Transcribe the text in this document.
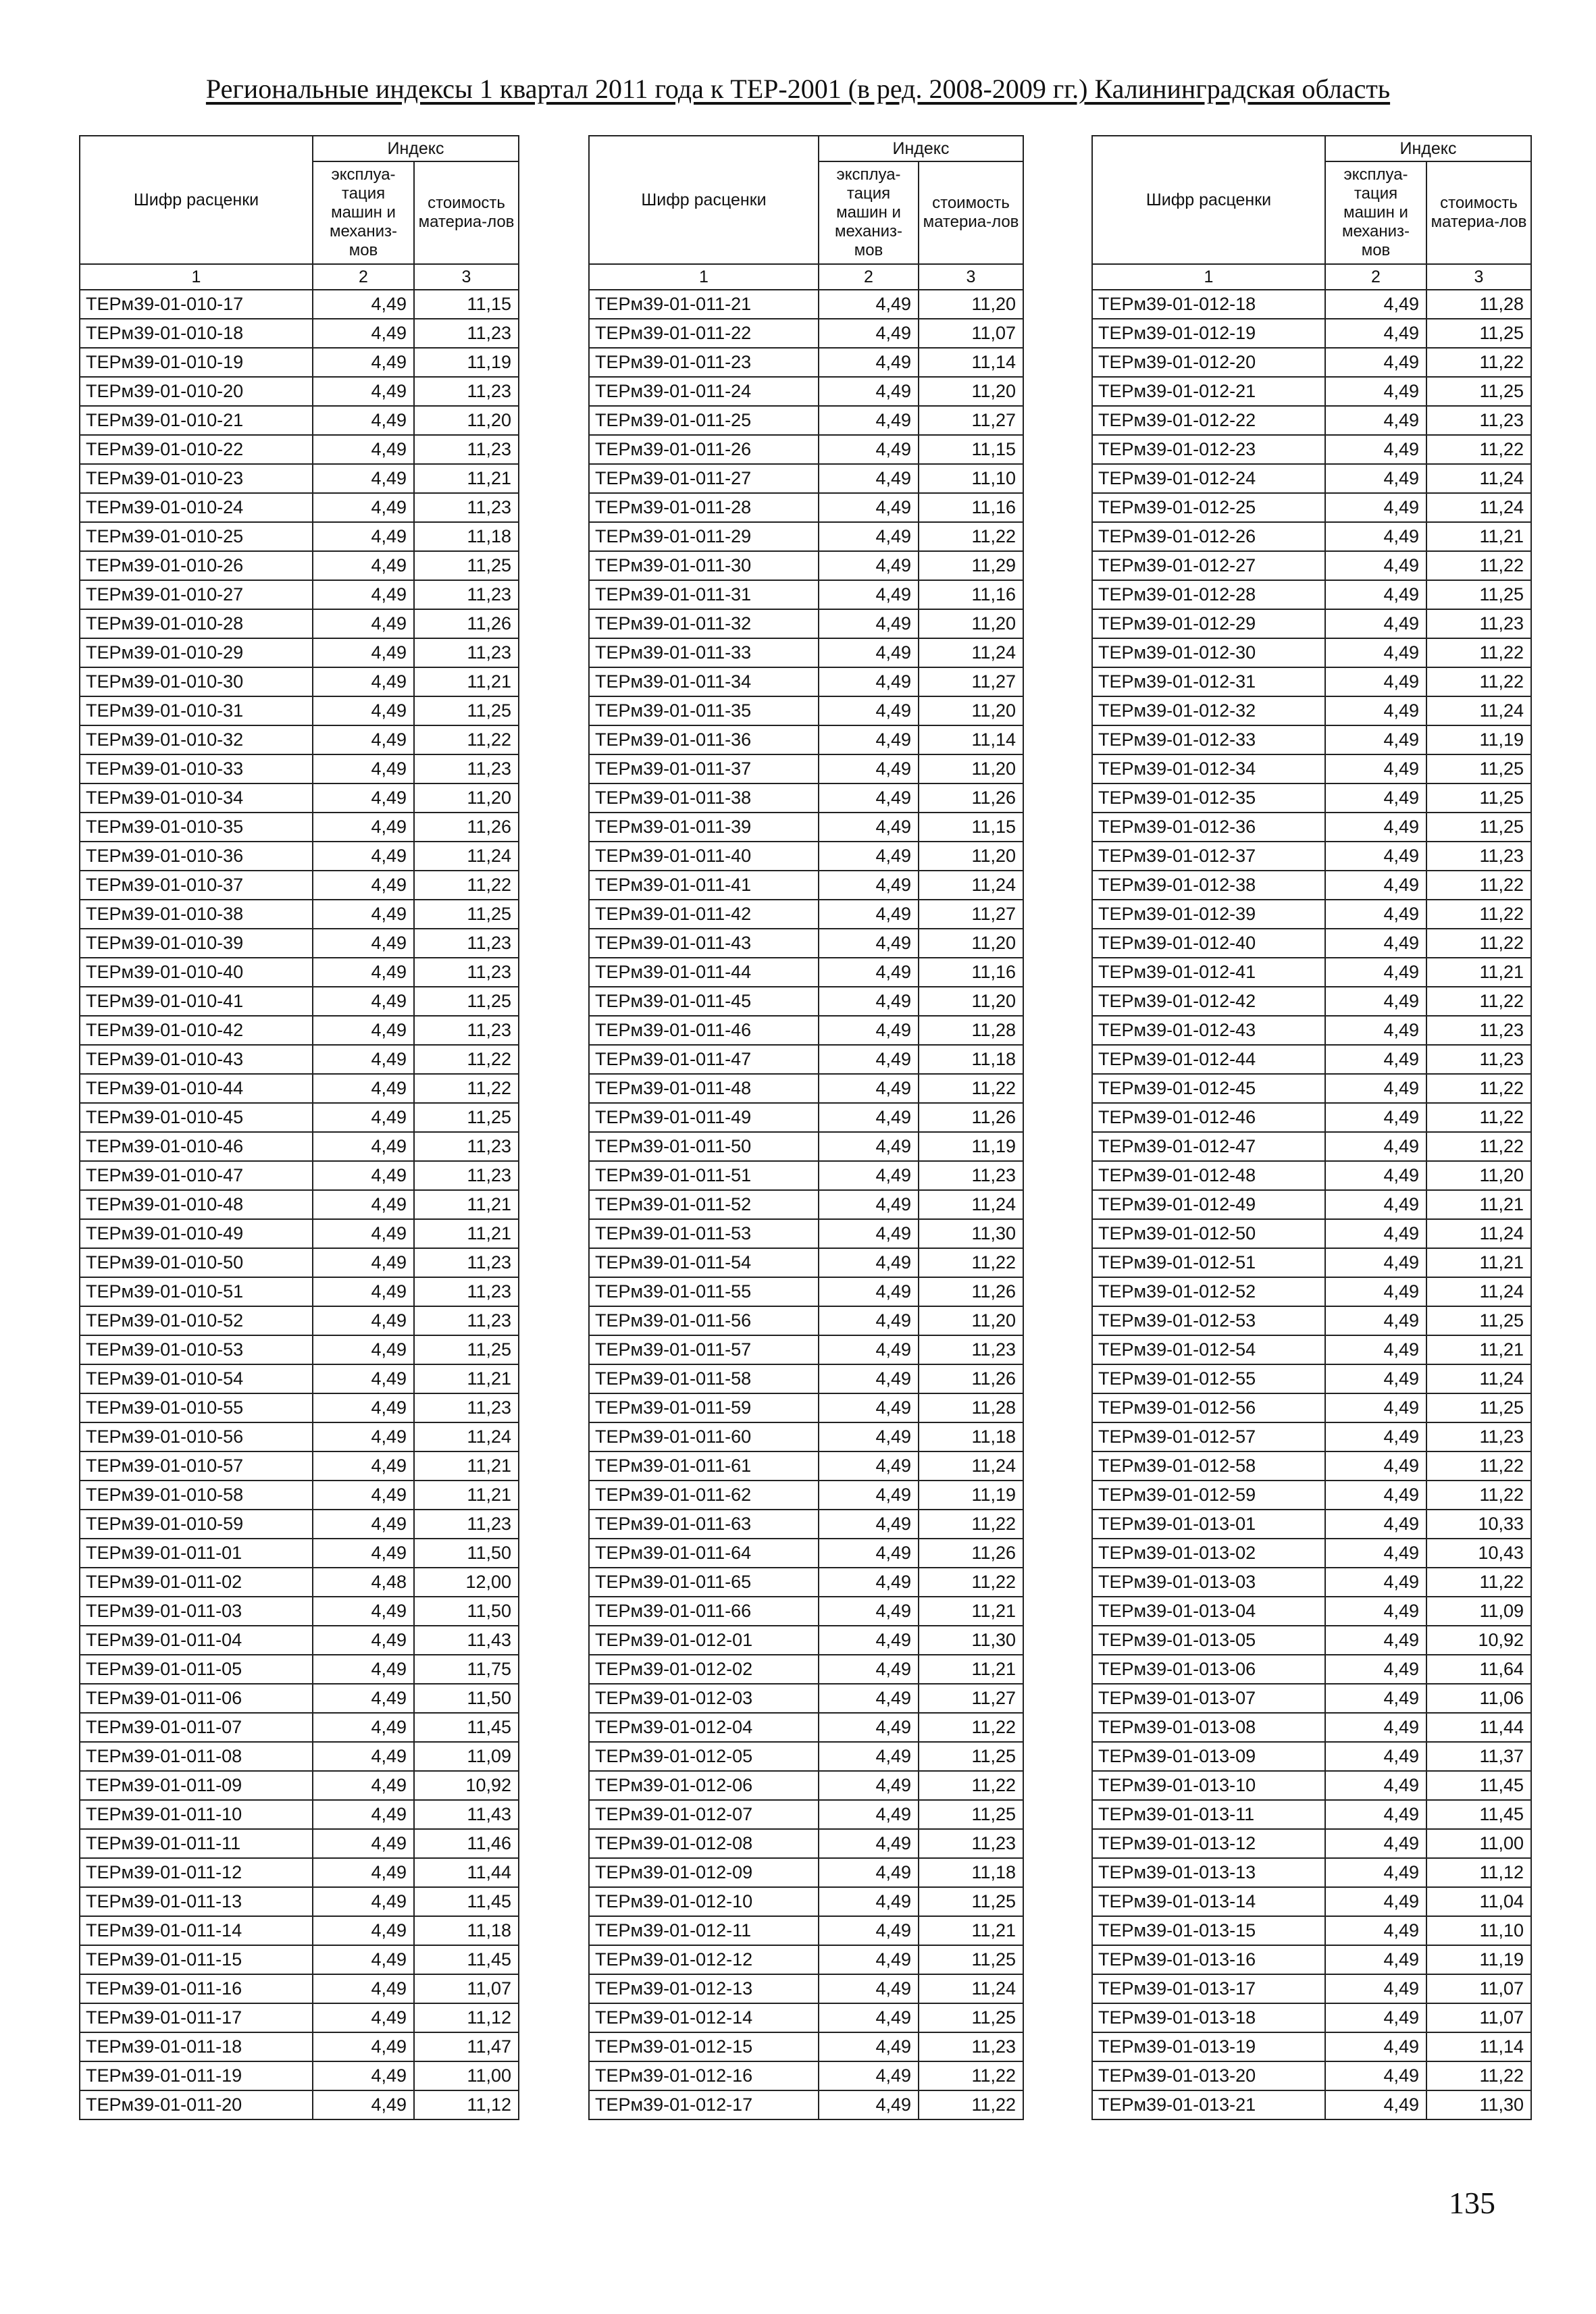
Региональные индексы 1 квартал 2011 года к ТЕР-2001 (в ред. 2008-2009 гг.) Калининградская область
Шифр расценки	Индекс	
	эксплуа-тация машин и механиз-мов	стоимость материа-лов
1	2	3
ТЕРм39-01-010-17	4,49	11,15
ТЕРм39-01-010-18	4,49	11,23
ТЕРм39-01-010-19	4,49	11,19
ТЕРм39-01-010-20	4,49	11,23
ТЕРм39-01-010-21	4,49	11,20
ТЕРм39-01-010-22	4,49	11,23
ТЕРм39-01-010-23	4,49	11,21
ТЕРм39-01-010-24	4,49	11,23
ТЕРм39-01-010-25	4,49	11,18
ТЕРм39-01-010-26	4,49	11,25
ТЕРм39-01-010-27	4,49	11,23
ТЕРм39-01-010-28	4,49	11,26
ТЕРм39-01-010-29	4,49	11,23
ТЕРм39-01-010-30	4,49	11,21
ТЕРм39-01-010-31	4,49	11,25
ТЕРм39-01-010-32	4,49	11,22
ТЕРм39-01-010-33	4,49	11,23
ТЕРм39-01-010-34	4,49	11,20
ТЕРм39-01-010-35	4,49	11,26
ТЕРм39-01-010-36	4,49	11,24
ТЕРм39-01-010-37	4,49	11,22
ТЕРм39-01-010-38	4,49	11,25
ТЕРм39-01-010-39	4,49	11,23
ТЕРм39-01-010-40	4,49	11,23
ТЕРм39-01-010-41	4,49	11,25
ТЕРм39-01-010-42	4,49	11,23
ТЕРм39-01-010-43	4,49	11,22
ТЕРм39-01-010-44	4,49	11,22
ТЕРм39-01-010-45	4,49	11,25
ТЕРм39-01-010-46	4,49	11,23
ТЕРм39-01-010-47	4,49	11,23
ТЕРм39-01-010-48	4,49	11,21
ТЕРм39-01-010-49	4,49	11,21
ТЕРм39-01-010-50	4,49	11,23
ТЕРм39-01-010-51	4,49	11,23
ТЕРм39-01-010-52	4,49	11,23
ТЕРм39-01-010-53	4,49	11,25
ТЕРм39-01-010-54	4,49	11,21
ТЕРм39-01-010-55	4,49	11,23
ТЕРм39-01-010-56	4,49	11,24
ТЕРм39-01-010-57	4,49	11,21
ТЕРм39-01-010-58	4,49	11,21
ТЕРм39-01-010-59	4,49	11,23
ТЕРм39-01-011-01	4,49	11,50
ТЕРм39-01-011-02	4,48	12,00
ТЕРм39-01-011-03	4,49	11,50
ТЕРм39-01-011-04	4,49	11,43
ТЕРм39-01-011-05	4,49	11,75
ТЕРм39-01-011-06	4,49	11,50
ТЕРм39-01-011-07	4,49	11,45
ТЕРм39-01-011-08	4,49	11,09
ТЕРм39-01-011-09	4,49	10,92
ТЕРм39-01-011-10	4,49	11,43
ТЕРм39-01-011-11	4,49	11,46
ТЕРм39-01-011-12	4,49	11,44
ТЕРм39-01-011-13	4,49	11,45
ТЕРм39-01-011-14	4,49	11,18
ТЕРм39-01-011-15	4,49	11,45
ТЕРм39-01-011-16	4,49	11,07
ТЕРм39-01-011-17	4,49	11,12
ТЕРм39-01-011-18	4,49	11,47
ТЕРм39-01-011-19	4,49	11,00
ТЕРм39-01-011-20	4,49	11,12
Шифр расценки	Индекс	
	эксплуа-тация машин и механиз-мов	стоимость материа-лов
1	2	3
ТЕРм39-01-011-21	4,49	11,20
ТЕРм39-01-011-22	4,49	11,07
ТЕРм39-01-011-23	4,49	11,14
ТЕРм39-01-011-24	4,49	11,20
ТЕРм39-01-011-25	4,49	11,27
ТЕРм39-01-011-26	4,49	11,15
ТЕРм39-01-011-27	4,49	11,10
ТЕРм39-01-011-28	4,49	11,16
ТЕРм39-01-011-29	4,49	11,22
ТЕРм39-01-011-30	4,49	11,29
ТЕРм39-01-011-31	4,49	11,16
ТЕРм39-01-011-32	4,49	11,20
ТЕРм39-01-011-33	4,49	11,24
ТЕРм39-01-011-34	4,49	11,27
ТЕРм39-01-011-35	4,49	11,20
ТЕРм39-01-011-36	4,49	11,14
ТЕРм39-01-011-37	4,49	11,20
ТЕРм39-01-011-38	4,49	11,26
ТЕРм39-01-011-39	4,49	11,15
ТЕРм39-01-011-40	4,49	11,20
ТЕРм39-01-011-41	4,49	11,24
ТЕРм39-01-011-42	4,49	11,27
ТЕРм39-01-011-43	4,49	11,20
ТЕРм39-01-011-44	4,49	11,16
ТЕРм39-01-011-45	4,49	11,20
ТЕРм39-01-011-46	4,49	11,28
ТЕРм39-01-011-47	4,49	11,18
ТЕРм39-01-011-48	4,49	11,22
ТЕРм39-01-011-49	4,49	11,26
ТЕРм39-01-011-50	4,49	11,19
ТЕРм39-01-011-51	4,49	11,23
ТЕРм39-01-011-52	4,49	11,24
ТЕРм39-01-011-53	4,49	11,30
ТЕРм39-01-011-54	4,49	11,22
ТЕРм39-01-011-55	4,49	11,26
ТЕРм39-01-011-56	4,49	11,20
ТЕРм39-01-011-57	4,49	11,23
ТЕРм39-01-011-58	4,49	11,26
ТЕРм39-01-011-59	4,49	11,28
ТЕРм39-01-011-60	4,49	11,18
ТЕРм39-01-011-61	4,49	11,24
ТЕРм39-01-011-62	4,49	11,19
ТЕРм39-01-011-63	4,49	11,22
ТЕРм39-01-011-64	4,49	11,26
ТЕРм39-01-011-65	4,49	11,22
ТЕРм39-01-011-66	4,49	11,21
ТЕРм39-01-012-01	4,49	11,30
ТЕРм39-01-012-02	4,49	11,21
ТЕРм39-01-012-03	4,49	11,27
ТЕРм39-01-012-04	4,49	11,22
ТЕРм39-01-012-05	4,49	11,25
ТЕРм39-01-012-06	4,49	11,22
ТЕРм39-01-012-07	4,49	11,25
ТЕРм39-01-012-08	4,49	11,23
ТЕРм39-01-012-09	4,49	11,18
ТЕРм39-01-012-10	4,49	11,25
ТЕРм39-01-012-11	4,49	11,21
ТЕРм39-01-012-12	4,49	11,25
ТЕРм39-01-012-13	4,49	11,24
ТЕРм39-01-012-14	4,49	11,25
ТЕРм39-01-012-15	4,49	11,23
ТЕРм39-01-012-16	4,49	11,22
ТЕРм39-01-012-17	4,49	11,22
Шифр расценки	Индекс	
	эксплуа-тация машин и механиз-мов	стоимость материа-лов
1	2	3
ТЕРм39-01-012-18	4,49	11,28
ТЕРм39-01-012-19	4,49	11,25
ТЕРм39-01-012-20	4,49	11,22
ТЕРм39-01-012-21	4,49	11,25
ТЕРм39-01-012-22	4,49	11,23
ТЕРм39-01-012-23	4,49	11,22
ТЕРм39-01-012-24	4,49	11,24
ТЕРм39-01-012-25	4,49	11,24
ТЕРм39-01-012-26	4,49	11,21
ТЕРм39-01-012-27	4,49	11,22
ТЕРм39-01-012-28	4,49	11,25
ТЕРм39-01-012-29	4,49	11,23
ТЕРм39-01-012-30	4,49	11,22
ТЕРм39-01-012-31	4,49	11,22
ТЕРм39-01-012-32	4,49	11,24
ТЕРм39-01-012-33	4,49	11,19
ТЕРм39-01-012-34	4,49	11,25
ТЕРм39-01-012-35	4,49	11,25
ТЕРм39-01-012-36	4,49	11,25
ТЕРм39-01-012-37	4,49	11,23
ТЕРм39-01-012-38	4,49	11,22
ТЕРм39-01-012-39	4,49	11,22
ТЕРм39-01-012-40	4,49	11,22
ТЕРм39-01-012-41	4,49	11,21
ТЕРм39-01-012-42	4,49	11,22
ТЕРм39-01-012-43	4,49	11,23
ТЕРм39-01-012-44	4,49	11,23
ТЕРм39-01-012-45	4,49	11,22
ТЕРм39-01-012-46	4,49	11,22
ТЕРм39-01-012-47	4,49	11,22
ТЕРм39-01-012-48	4,49	11,20
ТЕРм39-01-012-49	4,49	11,21
ТЕРм39-01-012-50	4,49	11,24
ТЕРм39-01-012-51	4,49	11,21
ТЕРм39-01-012-52	4,49	11,24
ТЕРм39-01-012-53	4,49	11,25
ТЕРм39-01-012-54	4,49	11,21
ТЕРм39-01-012-55	4,49	11,24
ТЕРм39-01-012-56	4,49	11,25
ТЕРм39-01-012-57	4,49	11,23
ТЕРм39-01-012-58	4,49	11,22
ТЕРм39-01-012-59	4,49	11,22
ТЕРм39-01-013-01	4,49	10,33
ТЕРм39-01-013-02	4,49	10,43
ТЕРм39-01-013-03	4,49	11,22
ТЕРм39-01-013-04	4,49	11,09
ТЕРм39-01-013-05	4,49	10,92
ТЕРм39-01-013-06	4,49	11,64
ТЕРм39-01-013-07	4,49	11,06
ТЕРм39-01-013-08	4,49	11,44
ТЕРм39-01-013-09	4,49	11,37
ТЕРм39-01-013-10	4,49	11,45
ТЕРм39-01-013-11	4,49	11,45
ТЕРм39-01-013-12	4,49	11,00
ТЕРм39-01-013-13	4,49	11,12
ТЕРм39-01-013-14	4,49	11,04
ТЕРм39-01-013-15	4,49	11,10
ТЕРм39-01-013-16	4,49	11,19
ТЕРм39-01-013-17	4,49	11,07
ТЕРм39-01-013-18	4,49	11,07
ТЕРм39-01-013-19	4,49	11,14
ТЕРм39-01-013-20	4,49	11,22
ТЕРм39-01-013-21	4,49	11,30
135
